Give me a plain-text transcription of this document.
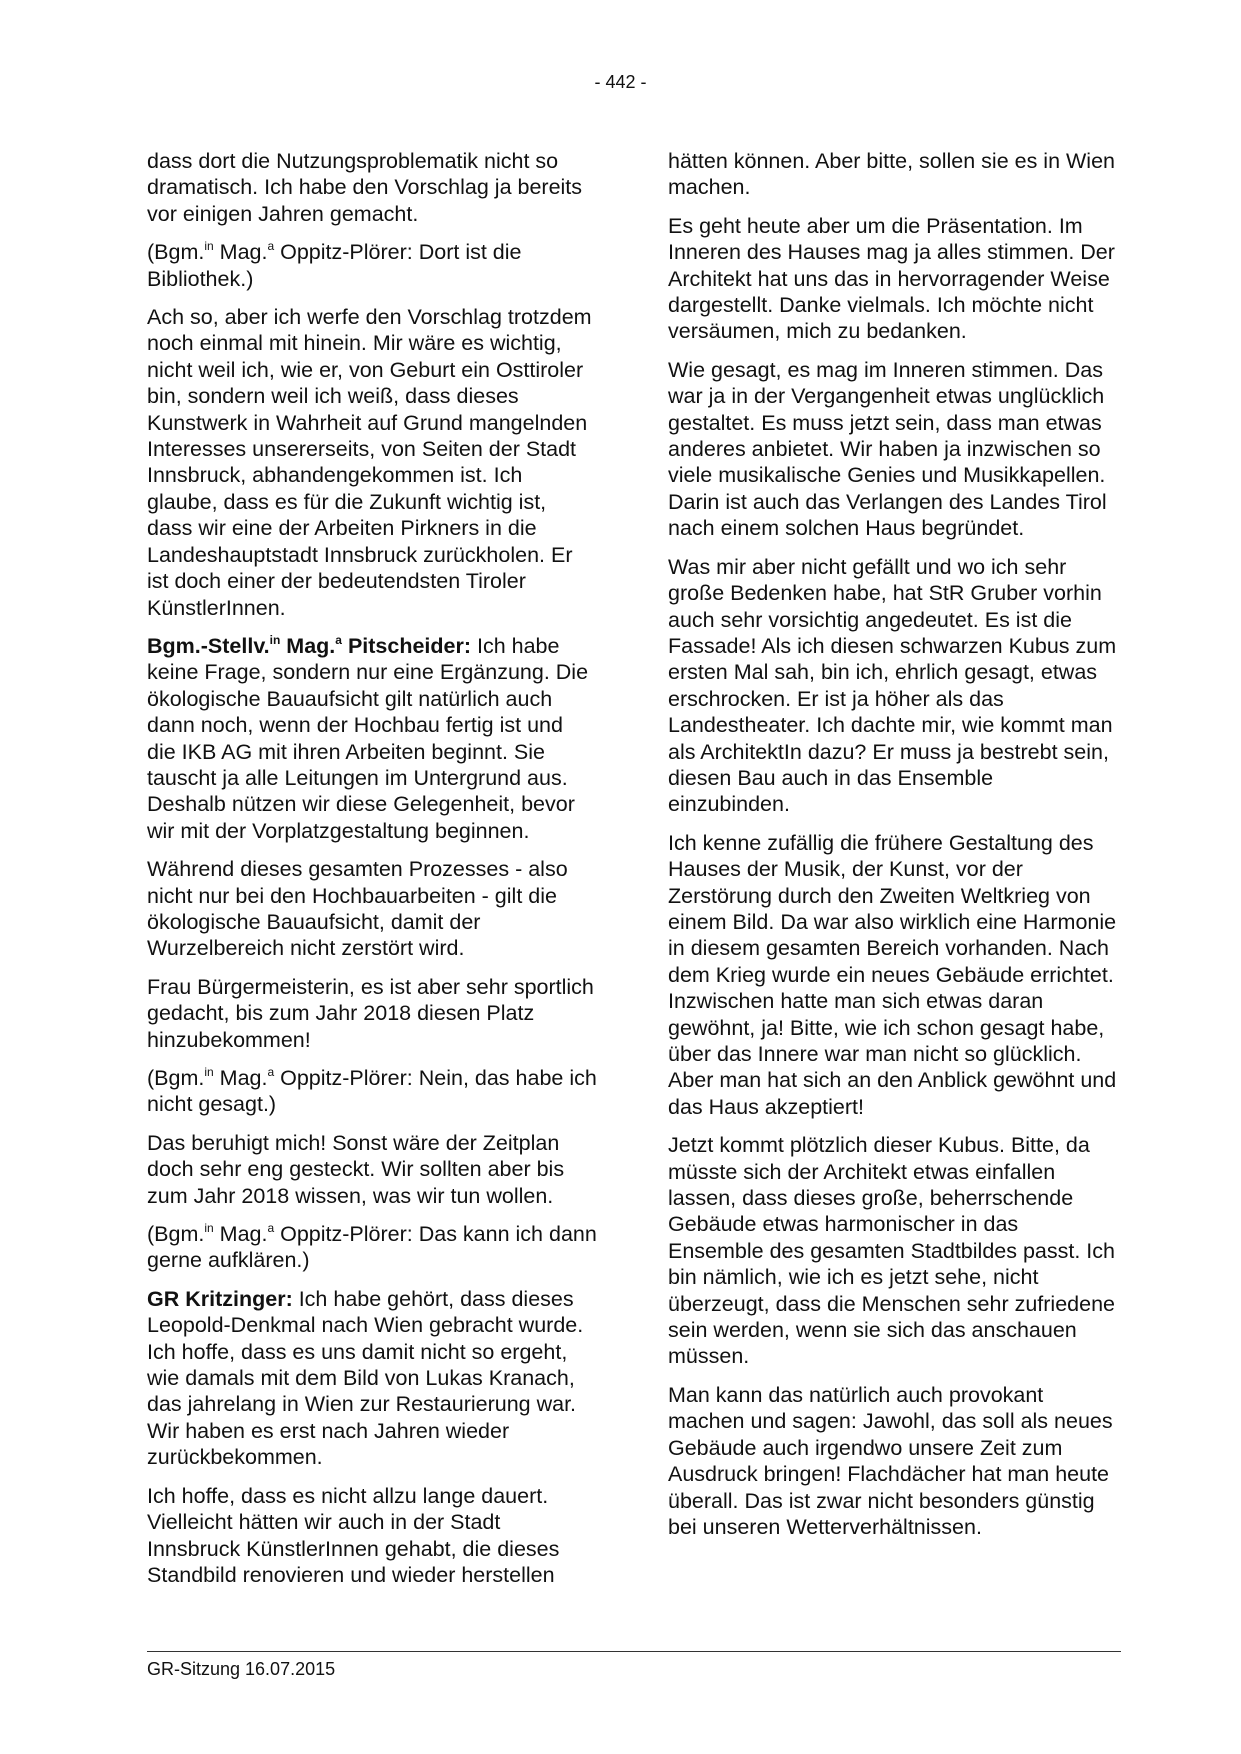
- 442 -

dass dort die Nutzungsproblematik nicht so dramatisch. Ich habe den Vorschlag ja bereits vor einigen Jahren gemacht.

(Bgm.$^{in}$ Mag.$^a$ Oppitz-Plörer: Dort ist die Bibliothek.)

Ach so, aber ich werfe den Vorschlag trotzdem noch einmal mit hinein. Mir wäre es wichtig, nicht weil ich, wie er, von Geburt ein Osttiroler bin, sondern weil ich weiß, dass dieses Kunstwerk in Wahrheit auf Grund mangelnden Interesses unsererseits, von Seiten der Stadt Innsbruck, abhandengekommen ist. Ich glaube, dass es für die Zukunft wichtig ist, dass wir eine der Arbeiten Pirkners in die Landeshauptstadt Innsbruck zurückholen. Er ist doch einer der bedeutendsten Tiroler KünstlerInnen.

Bgm.-Stellv.$^{in}$ Mag.$^a$ Pitscheider: Ich habe keine Frage, sondern nur eine Ergänzung. Die ökologische Bauaufsicht gilt natürlich auch dann noch, wenn der Hochbau fertig ist und die IKB AG mit ihren Arbeiten beginnt. Sie tauscht ja alle Leitungen im Untergrund aus. Deshalb nützen wir diese Gelegenheit, bevor wir mit der Vorplatzgestaltung beginnen.

Während dieses gesamten Prozesses - also nicht nur bei den Hochbauarbeiten - gilt die ökologische Bauaufsicht, damit der Wurzelbereich nicht zerstört wird.

Frau Bürgermeisterin, es ist aber sehr sportlich gedacht, bis zum Jahr 2018 diesen Platz hinzubekommen!

(Bgm.$^{in}$ Mag.$^a$ Oppitz-Plörer: Nein, das habe ich nicht gesagt.)

Das beruhigt mich! Sonst wäre der Zeitplan doch sehr eng gesteckt. Wir sollten aber bis zum Jahr 2018 wissen, was wir tun wollen.

(Bgm.$^{in}$ Mag.$^a$ Oppitz-Plörer: Das kann ich dann gerne aufklären.)

GR Kritzinger: Ich habe gehört, dass dieses Leopold-Denkmal nach Wien gebracht wurde. Ich hoffe, dass es uns damit nicht so ergeht, wie damals mit dem Bild von Lukas Kranach, das jahrelang in Wien zur Restaurierung war. Wir haben es erst nach Jahren wieder zurückbekommen.

Ich hoffe, dass es nicht allzu lange dauert. Vielleicht hätten wir auch in der Stadt Innsbruck KünstlerInnen gehabt, die dieses Standbild renovieren und wieder herstellen

hätten können. Aber bitte, sollen sie es in Wien machen.

Es geht heute aber um die Präsentation. Im Inneren des Hauses mag ja alles stimmen. Der Architekt hat uns das in hervorragender Weise dargestellt. Danke vielmals. Ich möchte nicht versäumen, mich zu bedanken.

Wie gesagt, es mag im Inneren stimmen. Das war ja in der Vergangenheit etwas unglücklich gestaltet. Es muss jetzt sein, dass man etwas anderes anbietet. Wir haben ja inzwischen so viele musikalische Genies und Musikkapellen. Darin ist auch das Verlangen des Landes Tirol nach einem solchen Haus begründet.

Was mir aber nicht gefällt und wo ich sehr große Bedenken habe, hat StR Gruber vorhin auch sehr vorsichtig angedeutet. Es ist die Fassade! Als ich diesen schwarzen Kubus zum ersten Mal sah, bin ich, ehrlich gesagt, etwas erschrocken. Er ist ja höher als das Landestheater. Ich dachte mir, wie kommt man als ArchitektIn dazu? Er muss ja bestrebt sein, diesen Bau auch in das Ensemble einzubinden.

Ich kenne zufällig die frühere Gestaltung des Hauses der Musik, der Kunst, vor der Zerstörung durch den Zweiten Weltkrieg von einem Bild. Da war also wirklich eine Harmonie in diesem gesamten Bereich vorhanden. Nach dem Krieg wurde ein neues Gebäude errichtet. Inzwischen hatte man sich etwas daran gewöhnt, ja! Bitte, wie ich schon gesagt habe, über das Innere war man nicht so glücklich. Aber man hat sich an den Anblick gewöhnt und das Haus akzeptiert!

Jetzt kommt plötzlich dieser Kubus. Bitte, da müsste sich der Architekt etwas einfallen lassen, dass dieses große, beherrschende Gebäude etwas harmonischer in das Ensemble des gesamten Stadtbildes passt. Ich bin nämlich, wie ich es jetzt sehe, nicht überzeugt, dass die Menschen sehr zufriedene sein werden, wenn sie sich das anschauen müssen.

Man kann das natürlich auch provokant machen und sagen: Jawohl, das soll als neues Gebäude auch irgendwo unsere Zeit zum Ausdruck bringen! Flachdächer hat man heute überall. Das ist zwar nicht besonders günstig bei unseren Wetterverhältnissen.

GR-Sitzung 16.07.2015
